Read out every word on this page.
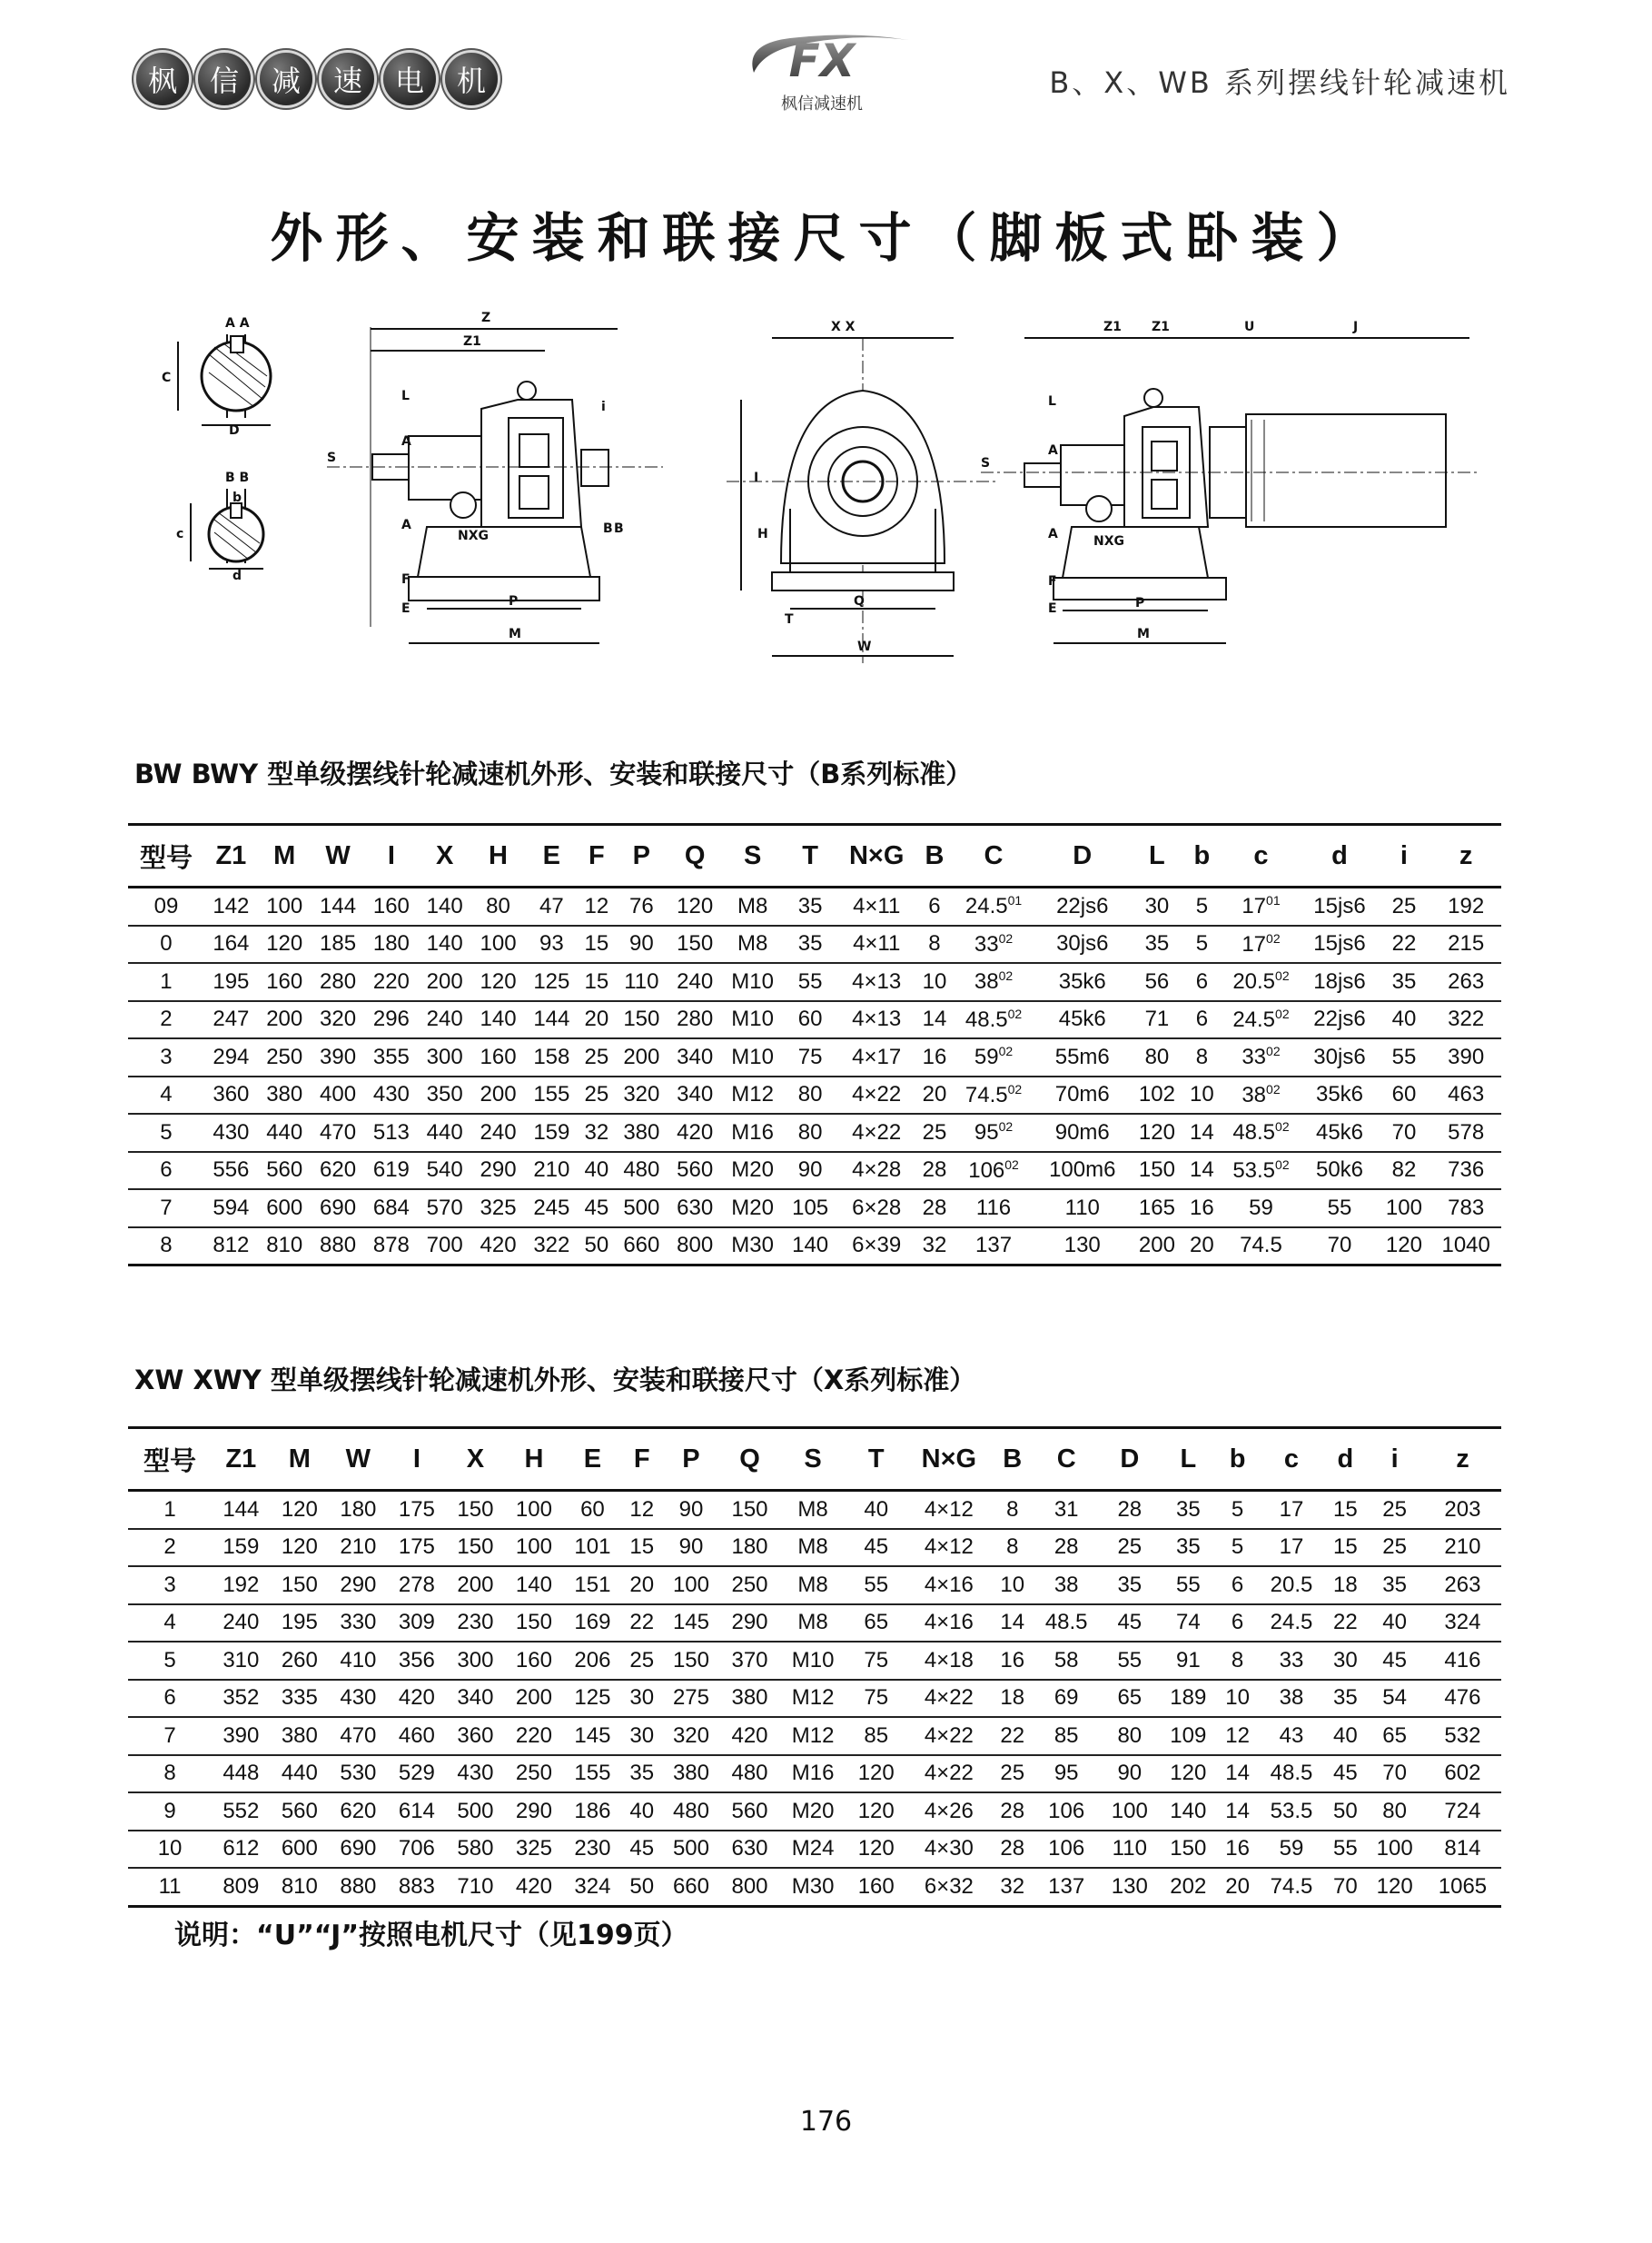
枫	信	减	速	电	机	FX
枫信减速机
B、X、WB 系列摆线针轮减速机
外形、安装和联接尺寸（脚板式卧装）
A A
C
D
B B
b
c
d
Z
Z1
S
L
A
A
i
B B
NXG
F
E	P
M
X X
I
H
T
Q
W
Z1 Z1	U	J
S
L
A
A	NXG
F
E	P
M
BW BWY 型单级摆线针轮减速机外形、安装和联接尺寸（B系列标准）
型号	Z1	M	W	I	X	H	E	F	P	Q	S	T	N×G	B	C	D	L	b	c	d	i	z
09	142	100	144	160	140	80	47	12	76	120	M8	35	4×11	6	24.5$^{01}$	22js6	30	5	$17^{01}$	15js6	25	192
0	164	120	185	180	140	100	93	15	90	150	M8	35	4×11	8	$33^{02}$	30js6	35	5	$17^{02}$	15js6	22	215
1	195	160	280	220	200	120	125	15	110	240	M10	55	4×13	10	$38^{02}$	35k6	56	6	20.5$^{02}$	18js6	35	263
2	247	200	320	296	240	140	144	20	150	280	M10	60	4×13	14	48.5$^{02}$	45k6	71	6	24.5$^{02}$	22js6	40	322
3	294	250	390	355	300	160	158	25	200	340	M10	75	4×17	16	$59^{02}$	55m6	80	8	$33^{02}$	30js6	55	390
4	360	380	400	430	350	200	155	25	320	340	M12	80	4×22	20	74.5$^{02}$	70m6	102	10	$38^{02}$	35k6	60	463
5	430	440	470	513	440	240	159	32	380	420	M16	80	4×22	25	$95^{02}$	90m6	120	14	48.5$^{02}$	45k6	70	578
6	556	560	620	619	540	290	210	40	480	560	M20	90	4×28	28	$106^{02}$	100m6	150	14	53.5$^{02}$	50k6	82	736
7	594	600	690	684	570	325	245	45	500	630	M20	105	6×28	28	116	110	165	16	59	55	100	783
8	812	810	880	878	700	420	322	50	660	800	M30	140	6×39	32	137	130	200	20	74.5	70	120	1040
XW XWY 型单级摆线针轮减速机外形、安装和联接尺寸（X系列标准）
型号	Z1	M	W	I	X	H	E	F	P	Q	S	T	N×G	B	C	D	L	b	c	d	i	z
1	144	120	180	175	150	100	60	12	90	150	M8	40	4×12	8	31	28	35	5	17	15	25	203
2	159	120	210	175	150	100	101	15	90	180	M8	45	4×12	8	28	25	35	5	17	15	25	210
3	192	150	290	278	200	140	151	20	100	250	M8	55	4×16	10	38	35	55	6	20.5	18	35	263
4	240	195	330	309	230	150	169	22	145	290	M8	65	4×16	14	48.5	45	74	6	24.5	22	40	324
5	310	260	410	356	300	160	206	25	150	370	M10	75	4×18	16	58	55	91	8	33	30	45	416
6	352	335	430	420	340	200	125	30	275	380	M12	75	4×22	18	69	65	189	10	38	35	54	476
7	390	380	470	460	360	220	145	30	320	420	M12	85	4×22	22	85	80	109	12	43	40	65	532
8	448	440	530	529	430	250	155	35	380	480	M16	120	4×22	25	95	90	120	14	48.5	45	70	602
9	552	560	620	614	500	290	186	40	480	560	M20	120	4×26	28	106	100	140	14	53.5	50	80	724
10	612	600	690	706	580	325	230	45	500	630	M24	120	4×30	28	106	110	150	16	59	55	100	814
11	809	810	880	883	710	420	324	50	660	800	M30	160	6×32	32	137	130	202	20	74.5	70	120	1065
说明：“U”“J”按照电机尺寸（见199页）
176
